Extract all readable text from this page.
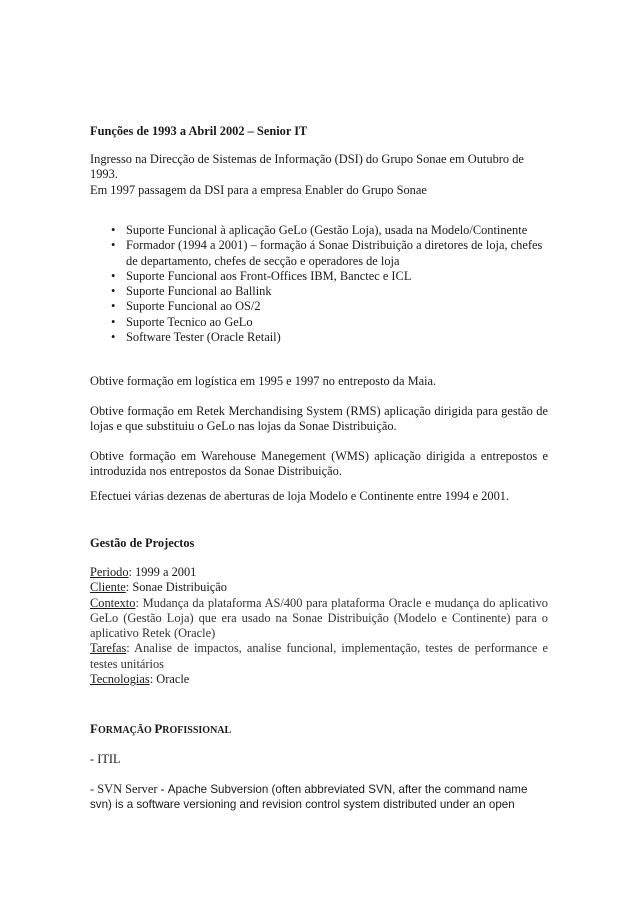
Funções de 1993 a Abril 2002 – Senior IT
Ingresso na Direcção de Sistemas de Informação (DSI) do Grupo Sonae em Outubro de
1993.
Em 1997 passagem da DSI para a empresa Enabler do Grupo Sonae
• Suporte Funcional à aplicação GeLo (Gestão Loja), usada na Modelo/Continente
• Formador (1994 a 2001) – formação á Sonae Distribuição a diretores de loja, chefes de departamento, chefes de secção e operadores de loja
• Suporte Funcional aos Front-Offices IBM, Banctec e ICL
• Suporte Funcional ao Ballink
• Suporte Funcional ao OS/2
• Suporte Tecnico ao GeLo
• Software Tester (Oracle Retail)
Obtive formação em logística em 1995 e 1997 no entreposto da Maia.
Obtive formação em Retek Merchandising System (RMS) aplicação dirigida para gestão de lojas e que substituiu o GeLo nas lojas da Sonae Distribuição.
Obtive formação em Warehouse Manegement (WMS) aplicação dirigida a entrepostos e introduzida nos entrepostos da Sonae Distribuição.
Efectuei várias dezenas de aberturas de loja Modelo e Continente entre 1994 e 2001.
Gestão de Projectos
Periodo: 1999 a 2001
Cliente: Sonae Distribuição
Contexto: Mudança da plataforma AS/400 para plataforma Oracle e mudança do aplicativo GeLo (Gestão Loja) que era usado na Sonae Distribuição (Modelo e Continente) para o aplicativo Retek (Oracle)
Tarefas: Analise de impactos, analise funcional, implementação, testes de performance e testes unitários
Tecnologias: Oracle
FORMAÇÃO PROFISSIONAL
- ITIL
- SVN Server - Apache Subversion (often abbreviated SVN, after the command name svn) is a software versioning and revision control system distributed under an open
